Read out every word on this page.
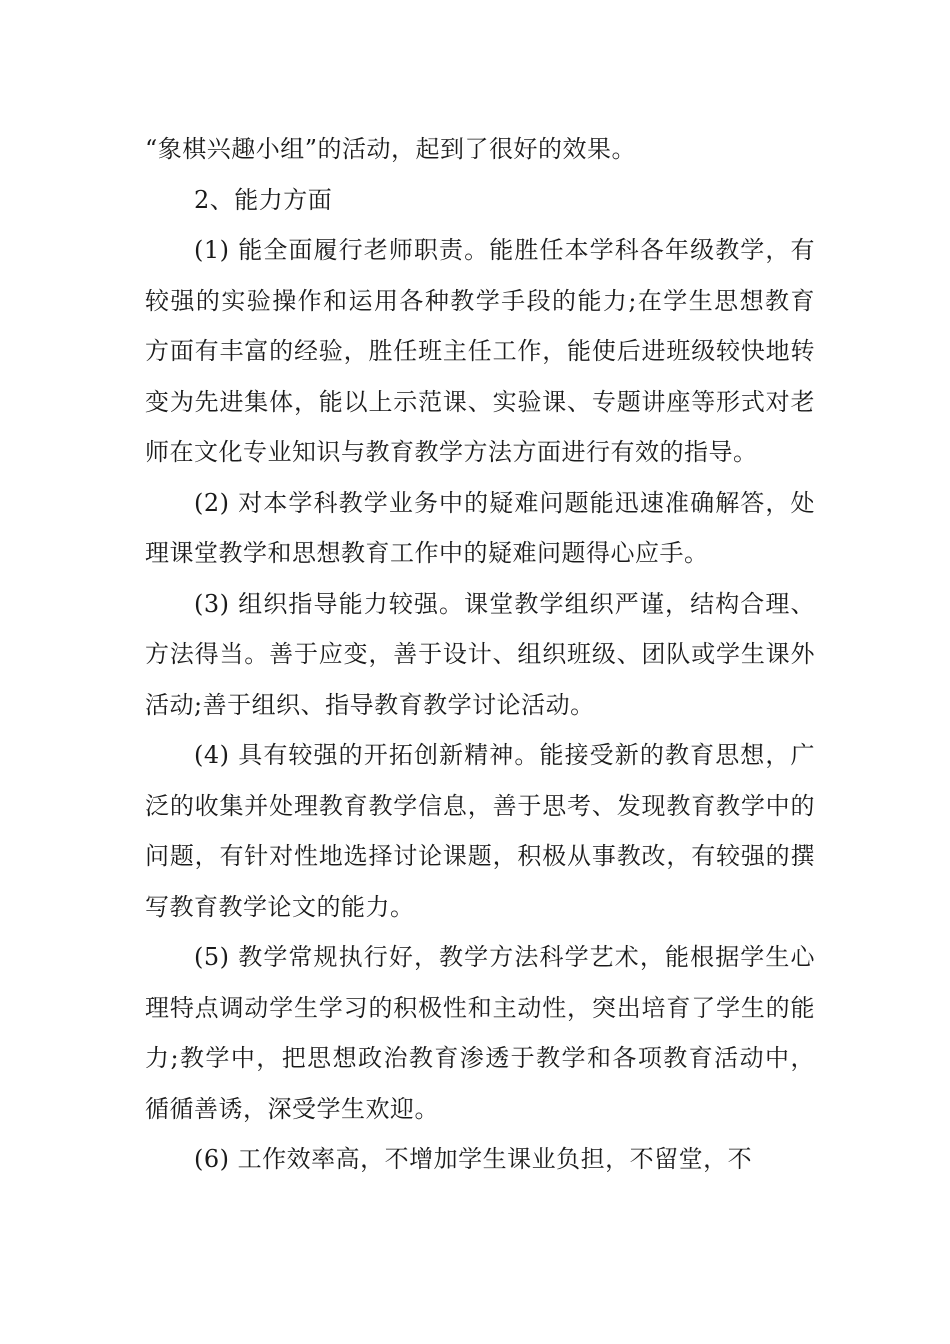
“象棋兴趣小组”的活动，起到了很好的效果。

2、能力方面

(1) 能全面履行老师职责。能胜任本学科各年级教学，有较强的实验操作和运用各种教学手段的能力;在学生思想教育方面有丰富的经验，胜任班主任工作，能使后进班级较快地转变为先进集体，能以上示范课、实验课、专题讲座等形式对老师在文化专业知识与教育教学方法方面进行有效的指导。

(2) 对本学科教学业务中的疑难问题能迅速准确解答，处理课堂教学和思想教育工作中的疑难问题得心应手。

(3) 组织指导能力较强。课堂教学组织严谨，结构合理、方法得当。善于应变，善于设计、组织班级、团队或学生课外活动;善于组织、指导教育教学讨论活动。

(4) 具有较强的开拓创新精神。能接受新的教育思想，广泛的收集并处理教育教学信息，善于思考、发现教育教学中的问题，有针对性地选择讨论课题，积极从事教改，有较强的撰写教育教学论文的能力。

(5) 教学常规执行好，教学方法科学艺术，能根据学生心理特点调动学生学习的积极性和主动性，突出培育了学生的能力;教学中，把思想政治教育渗透于教学和各项教育活动中，循循善诱，深受学生欢迎。

(6) 工作效率高，不增加学生课业负担，不留堂，不
